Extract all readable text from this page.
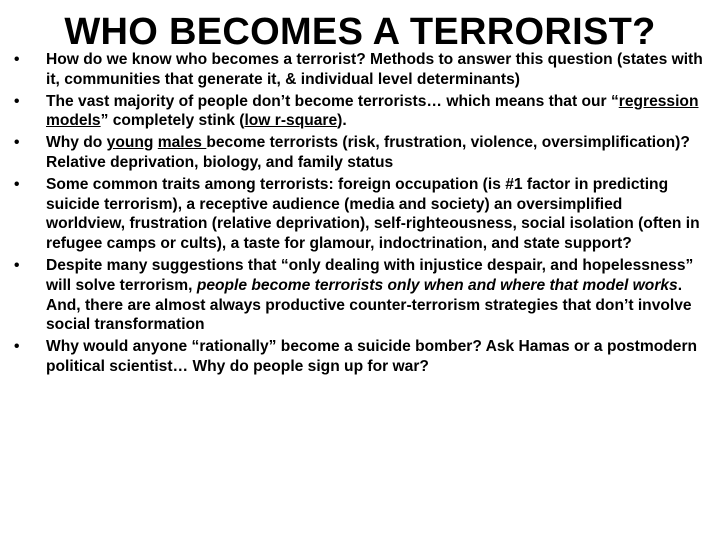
WHO BECOMES A TERRORIST?
•	How do we know who becomes a terrorist? Methods to answer this question (states with it, communities that generate it, & individual level determinants)
•	The vast majority of people don’t become terrorists… which means that our “regression models” completely stink (low r-square).
•	Why do young males become terrorists (risk, frustration, violence, oversimplification)? Relative deprivation, biology, and family status
•	Some common traits among terrorists: foreign occupation (is #1 factor in predicting suicide terrorism), a receptive audience (media and society) an oversimplified worldview, frustration (relative deprivation), self-righteousness, social isolation (often in refugee camps or cults), a taste for glamour, indoctrination, and state support?
•	Despite many suggestions that “only dealing with injustice despair, and hopelessness” will solve terrorism, people become terrorists only when and where that model works. And, there are almost always productive counter-terrorism strategies that don’t involve social transformation
•	Why would anyone “rationally” become a suicide bomber? Ask Hamas or a postmodern political scientist… Why do people sign up for war?
